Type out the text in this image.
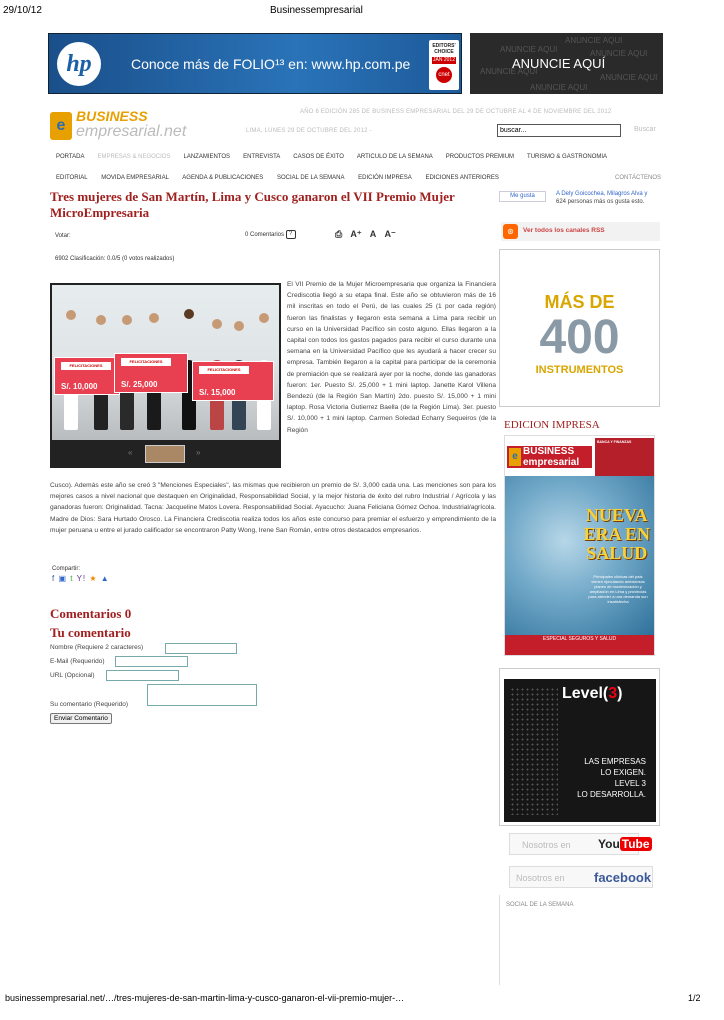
29/10/12	Businessempresarial
hp	Conoce más de FOLIO¹³ en: www.hp.com.pe
EDITORS' CHOICE
JAN 2012
cnet
ANUNCIE AQUI
ANUNCIE AQUI	ANUNCIE AQUI
ANUNCIE AQUI
ANUNCIE AQUI
ANUNCIE AQUI
ANUNCIE AQUÍ
e
BUSINESS
empresarial.net
AÑO 6 EDICIÓN 285 DE BUSINESS EMPRESARIAL DEL 29 DE OCTUBRE AL 4 DE NOVIEMBRE DEL 2012
LIMA, LUNES 29 DE OCTUBRE DEL 2012 -
buscar...	Buscar
PORTADA EMPRESAS & NEGOCIOS LANZAMIENTOS ENTREVISTA CASOS DE ÉXITO ARTICULO DE LA SEMANA PRODUCTOS PREMIUM TURISMO & GASTRONOMIA
EDITORIAL MOVIDA EMPRESARIAL AGENDA & PUBLICACIONES SOCIAL DE LA SEMANA EDICIÓN IMPRESA EDICIONES ANTERIORES	CONTÁCTENOS
Tres mujeres de San Martín, Lima y Cusco ganaron el VII Premio Mujer MicroEmpresaria
Votar:	0 Comentarios ?	⎙ A⁺ A A⁻
6902 Clasificación: 0.0/5 (0 votos realizados)
FELICITACIONES
S/. 10,000
FELICITACIONES
S/. 25,000
FELICITACIONES
S/. 15,000
«	»
El VII Premio de la Mujer Microempresaria que organiza la Financiera Crediscotia llegó a su etapa final. Este año se obtuvieron más de 16 mil inscritas en todo el Perú, de las cuales 25 (1 por cada región) fueron las finalistas y llegaron esta semana a Lima para recibir un curso en la Universidad Pacífico sin costo alguno. Ellas llegaron a la capital con todos los gastos pagados para recibir el curso durante una semana en la Universidad Pacífico que les ayudará a hacer crecer su empresa. También llegaron a la capital para participar de la ceremonia de premiación que se realizará ayer por la noche, donde las ganadoras fueron: 1er. Puesto S/. 25,000 + 1 mini laptop. Janette Karol Villena Bendezú (de la Región San Martín) 2do. puesto S/. 15,000 + 1 mini laptop. Rosa Victoria Gutierrez Baella (de la Región Lima). 3er. puesto S/. 10,000 + 1 mini laptop. Carmen Soledad Echarry Sequeiros (de la Región
Cusco). Además este año se creó 3 "Menciones Especiales", las mismas que recibieron un premio de S/. 3,000 cada una. Las menciones son para los mejores casos a nivel nacional que destaquen en Originalidad, Responsabilidad Social, y la mejor historia de éxito del rubro Industrial / Agrícola y las ganadoras fueron: Originalidad. Tacna: Jacqueline Matos Lovera. Responsabilidad Social. Ayacucho: Juana Feliciana Gómez Ochoa. Industrial/agrícola. Madre de Dios: Sara Hurtado Orosco. La Financiera Crediscotia realiza todos los años este concurso para premiar el esfuerzo y emprendimiento de la mujer peruana u entre el jurado calificador se encontraron Patty Wong, Irene San Román, entre otros destacados empresarios.
Compartir:
f ▣ t Y! ★ ▲
Comentarios 0
Tu comentario
Nombre (Requiere 2 caracteres)
E-Mail (Requerido)
URL (Opcional)
Su comentario (Requerido)
Enviar Comentario
Me gusta	A Dely Goicochea, Milagros Alva y
624 personas más os gusta esto.
⊛	Ver todos los canales RSS
MÁS DE
400
INSTRUMENTOS
EDICION IMPRESA
e BUSINESS
empresarial
BANCA Y FINANZAS
NUEVA
ERA EN
SALUD
Principales clínicas del país vienen ejecutando ambiciosos planes de modernización y ampliación en Lima y provincias para atender a una demanda sun insatisfecha
ESPECIAL SEGUROS Y SALUD
Level(3)
LAS EMPRESAS
LO EXIGEN.
LEVEL 3
LO DESARROLLA.
Nosotros en You Tube
Nosotros en facebook
SOCIAL DE LA SEMANA
businessempresarial.net/…/tres-mujeres-de-san-martin-lima-y-cusco-ganaron-el-vii-premio-mujer-…	1/2
